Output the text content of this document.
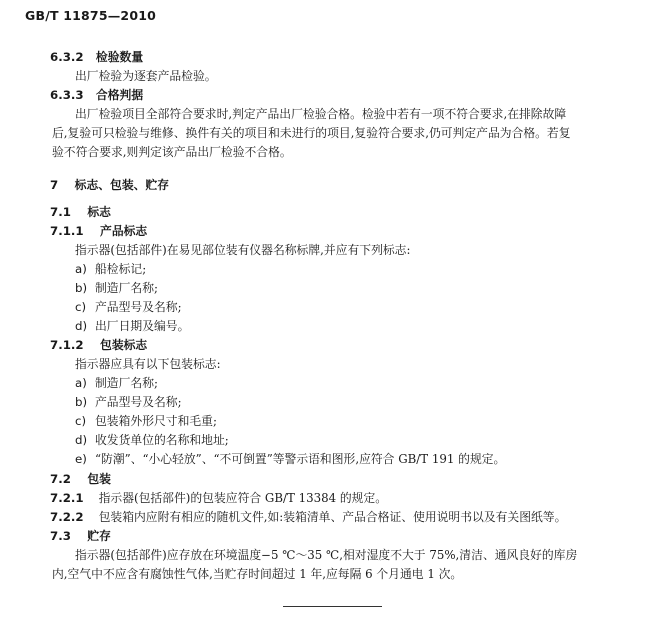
GB/T 11875—2010
6.3.2 检验数量
出厂检验为逐套产品检验。
6.3.3 合格判据
出厂检验项目全部符合要求时,判定产品出厂检验合格。检验中若有一项不符合要求,在排除故障
后,复验可只检验与维修、换件有关的项目和未进行的项目,复验符合要求,仍可判定产品为合格。若复
验不符合要求,则判定该产品出厂检验不合格。
7 标志、包装、贮存
7.1 标志
7.1.1 产品标志
指示器(包括部件)在易见部位装有仪器名称标牌,并应有下列标志:
a) 船检标记;
b) 制造厂名称;
c) 产品型号及名称;
d) 出厂日期及编号。
7.1.2 包装标志
指示器应具有以下包装标志:
a) 制造厂名称;
b) 产品型号及名称;
c) 包装箱外形尺寸和毛重;
d) 收发货单位的名称和地址;
e) “防潮”、“小心轻放”、“不可倒置”等警示语和图形,应符合 GB/T 191 的规定。
7.2 包装
7.2.1 指示器(包括部件)的包装应符合 GB/T 13384 的规定。
7.2.2 包装箱内应附有相应的随机文件,如:装箱清单、产品合格证、使用说明书以及有关图纸等。
7.3 贮存
指示器(包括部件)应存放在环境温度−5 ℃～35 ℃,相对湿度不大于 75%,清洁、通风良好的库房
内,空气中不应含有腐蚀性气体,当贮存时间超过 1 年,应每隔 6 个月通电 1 次。
